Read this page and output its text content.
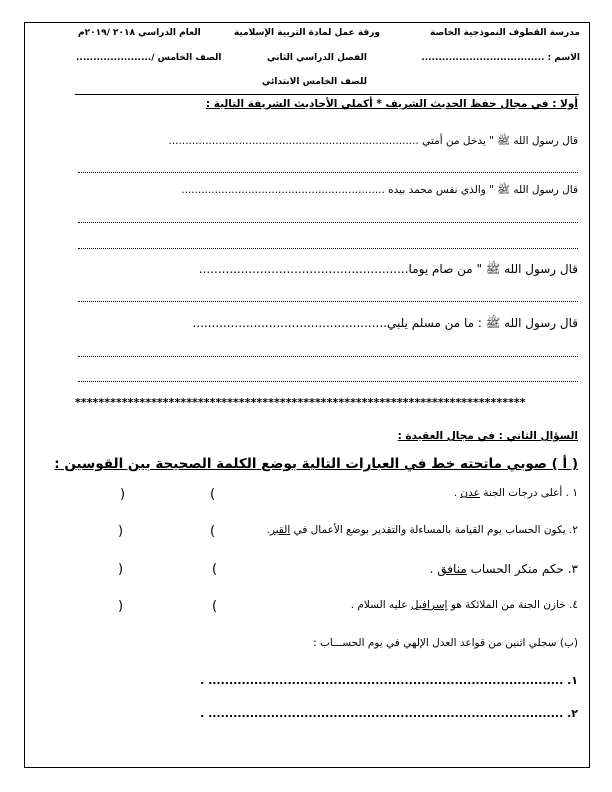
مدرسة القطوف النموذجية الخاصة
ورقة عمل لمادة التربية الإسلامية
العام الدراسي ٢٠١٨ /٢٠١٩م
الاسم : ....................................
الفصل الدراسي الثاني
الصف الخامس /......................
للصف الخامس الابتدائي
أولا : في مجال حفظ الحديث الشريف * أكملي الأحاديث الشريفة التالية :
قال رسول الله ﷺ " يدخل من أمتي ...........................................................................
قال رسول الله ﷺ " والذي نفس محمد بيده .............................................................
قال رسول الله ﷺ " من صام يوما.......................................................
قال رسول الله ﷺ : ما من مسلم يلبي...................................................
*****************************************************************************
السؤال الثاني : في مجال العقيدة :
( أ ) صوبي ماتحته خط في العبارات التالية بوضع الكلمة الصحيحة بين القوسين :
١ . أعلى درجات الجنة عدن .
)	(
٢. يكون الحساب يوم القيامة بالمساءلة والتقدير بوضع الأعمال في القبر.
)	(
٣. حكم منكر الحساب منافق .
)	(
٤. خازن الجنة من الملائكة هو إسرافيل عليه السلام .
)	(
(ب) سجلي اثنين من قواعد العدل الإلهي في يوم الحســـاب :
١. ..................................................................................... .
٢. ..................................................................................... .
